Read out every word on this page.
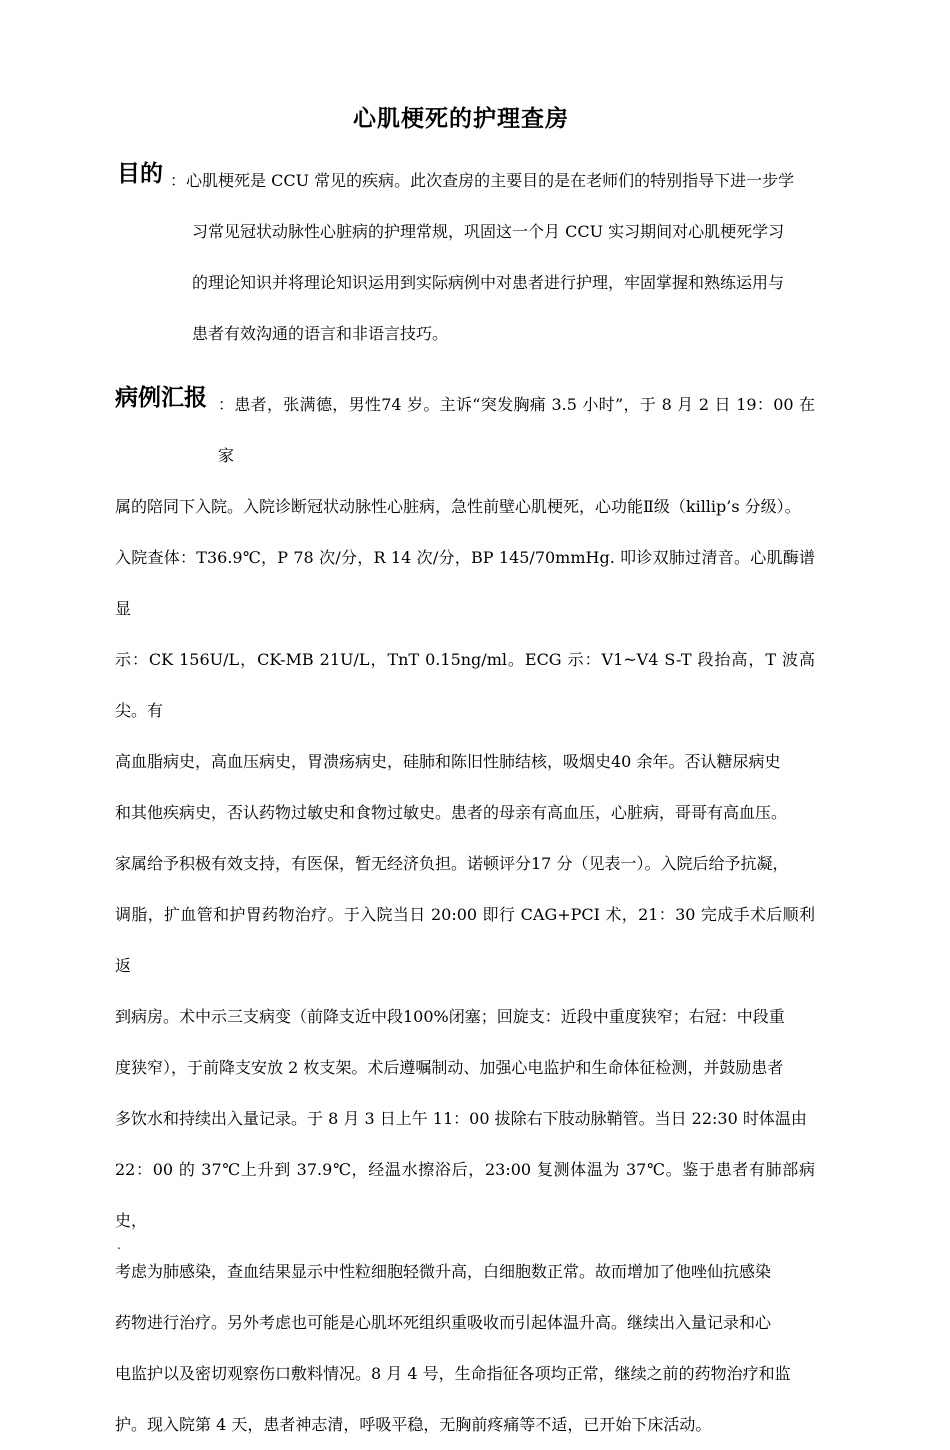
心肌梗死的护理查房
目的 ：心肌梗死是 CCU 常见的疾病。此次查房的主要目的是在老师们的特别指导下进一步学
习常见冠状动脉性心脏病的护理常规，巩固这一个月 CCU 实习期间对心肌梗死学习
的理论知识并将理论知识运用到实际病例中对患者进行护理，牢固掌握和熟练运用与
患者有效沟通的语言和非语言技巧。
病例汇报 ：患者，张满德，男性74 岁。主诉“突发胸痛 3.5 小时”，于 8 月 2 日 19：00 在家
属的陪同下入院。入院诊断冠状动脉性心脏病，急性前壁心肌梗死，心功能Ⅱ级（killip’s 分级）。
入院查体：T36.9℃，P 78 次/分，R 14 次/分，BP 145/70mmHg. 叩诊双肺过清音。心肌酶谱显
示：CK 156U/L，CK-MB 21U/L，TnT 0.15ng/ml。ECG 示：V1~V4 S-T 段抬高，T 波高尖。有
高血脂病史，高血压病史，胃溃疡病史，硅肺和陈旧性肺结核，吸烟史40 余年。否认糖尿病史
和其他疾病史，否认药物过敏史和食物过敏史。患者的母亲有高血压，心脏病，哥哥有高血压。
家属给予积极有效支持，有医保，暂无经济负担。诺顿评分17 分（见表一）。入院后给予抗凝，
调脂，扩血管和护胃药物治疗。于入院当日 20:00 即行 CAG+PCI 术，21：30 完成手术后顺利返
到病房。术中示三支病变（前降支近中段100%闭塞；回旋支：近段中重度狭窄；右冠：中段重
度狭窄），于前降支安放 2 枚支架。术后遵嘱制动、加强心电监护和生命体征检测，并鼓励患者
多饮水和持续出入量记录。于 8 月 3 日上午 11：00 拔除右下肢动脉鞘管。当日 22:30 时体温由
22：00 的 37℃上升到 37.9℃，经温水擦浴后，23:00 复测体温为 37℃。鉴于患者有肺部病史，
考虑为肺感染，查血结果显示中性粒细胞轻微升高，白细胞数正常。故而增加了他唑仙抗感染
药物进行治疗。另外考虑也可能是心肌坏死组织重吸收而引起体温升高。继续出入量记录和心
电监护以及密切观察伤口敷料情况。8 月 4 号，生命指征各项均正常，继续之前的药物治疗和监
护。现入院第 4 天，患者神志清，呼吸平稳，无胸前疼痛等不适，已开始下床活动。
.
